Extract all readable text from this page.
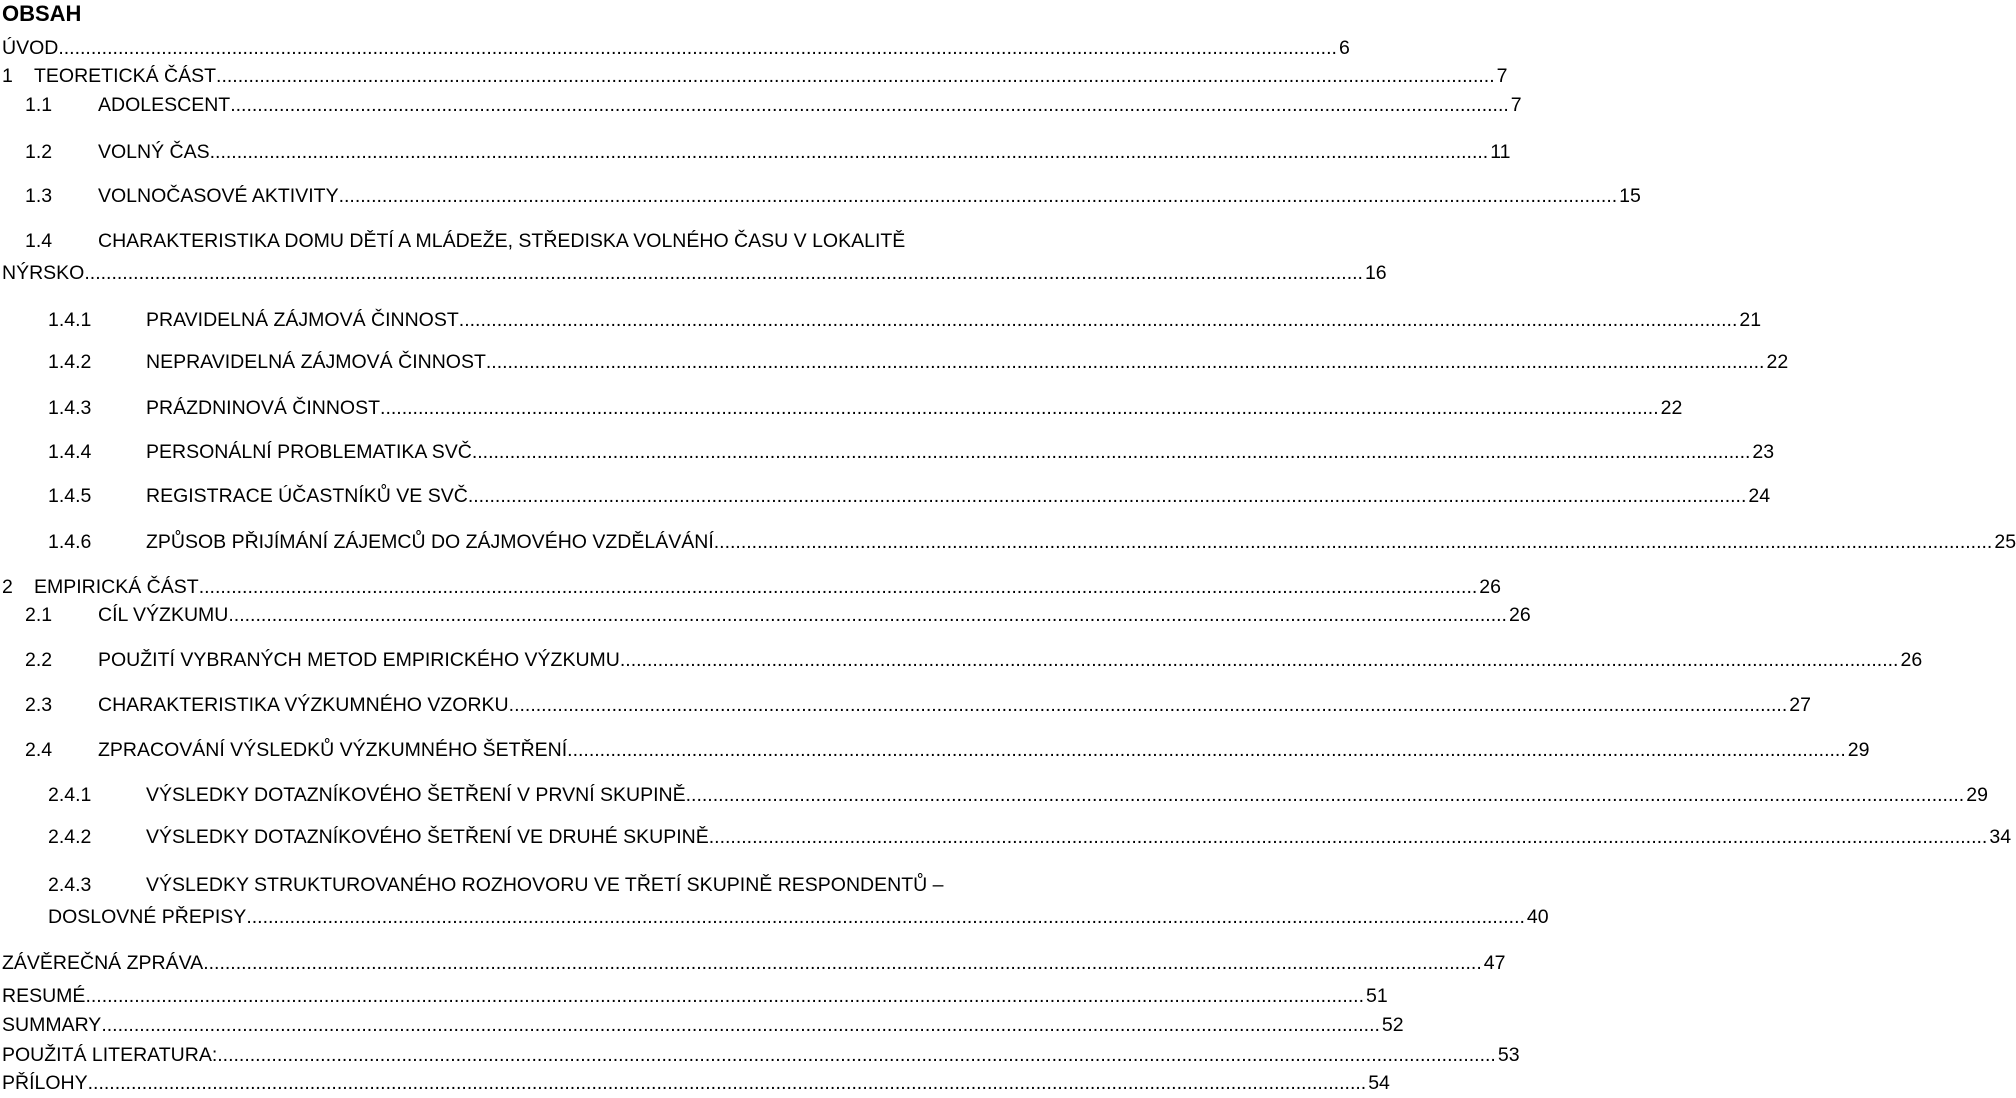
OBSAH
ÚVOD ............................................................................................................................................................................................................................................ 6
1	TEORETICKÁ ČÁST ............................................................................................................................................................................................................................................ 7
1.1	ADOLESCENT ............................................................................................................................................................................................................................................ 7
1.2	VOLNÝ ČAS ............................................................................................................................................................................................................................................ 11
1.3	VOLNOČASOVÉ AKTIVITY ............................................................................................................................................................................................................................................ 15
1.4 CHARAKTERISTIKA DOMU DĚTÍ A MLÁDEŽE, STŘEDISKA VOLNÉHO ČASU V LOKALITĚ
NÝRSKO ............................................................................................................................................................................................................................................ 16
1.4.1	PRAVIDELNÁ ZÁJMOVÁ ČINNOST ............................................................................................................................................................................................................................................ 21
1.4.2	NEPRAVIDELNÁ ZÁJMOVÁ ČINNOST ............................................................................................................................................................................................................................................ 22
1.4.3	PRÁZDNINOVÁ ČINNOST ............................................................................................................................................................................................................................................ 22
1.4.4	PERSONÁLNÍ PROBLEMATIKA SVČ ............................................................................................................................................................................................................................................ 23
1.4.5	REGISTRACE ÚČASTNÍKŮ VE SVČ ............................................................................................................................................................................................................................................ 24
1.4.6	ZPŮSOB PŘIJÍMÁNÍ ZÁJEMCŮ DO ZÁJMOVÉHO VZDĚLÁVÁNÍ ............................................................................................................................................................................................................................................ 25
2	EMPIRICKÁ ČÁST ............................................................................................................................................................................................................................................ 26
2.1	CÍL VÝZKUMU ............................................................................................................................................................................................................................................ 26
2.2	POUŽITÍ VYBRANÝCH METOD EMPIRICKÉHO VÝZKUMU ............................................................................................................................................................................................................................................ 26
2.3	CHARAKTERISTIKA VÝZKUMNÉHO VZORKU ............................................................................................................................................................................................................................................ 27
2.4	ZPRACOVÁNÍ VÝSLEDKŮ VÝZKUMNÉHO ŠETŘENÍ ............................................................................................................................................................................................................................................ 29
2.4.1	VÝSLEDKY DOTAZNÍKOVÉHO ŠETŘENÍ V PRVNÍ SKUPINĚ ............................................................................................................................................................................................................................................ 29
2.4.2	VÝSLEDKY DOTAZNÍKOVÉHO ŠETŘENÍ VE DRUHÉ SKUPINĚ ............................................................................................................................................................................................................................................ 34
2.4.3	VÝSLEDKY STRUKTUROVANÉHO ROZHOVORU VE TŘETÍ SKUPINĚ RESPONDENTŮ –
DOSLOVNÉ PŘEPISY ............................................................................................................................................................................................................................................ 40
ZÁVĚREČNÁ ZPRÁVA ............................................................................................................................................................................................................................................ 47
RESUMÉ ............................................................................................................................................................................................................................................ 51
SUMMARY ............................................................................................................................................................................................................................................ 52
POUŽITÁ LITERATURA: ............................................................................................................................................................................................................................................ 53
PŘÍLOHY ............................................................................................................................................................................................................................................ 54
